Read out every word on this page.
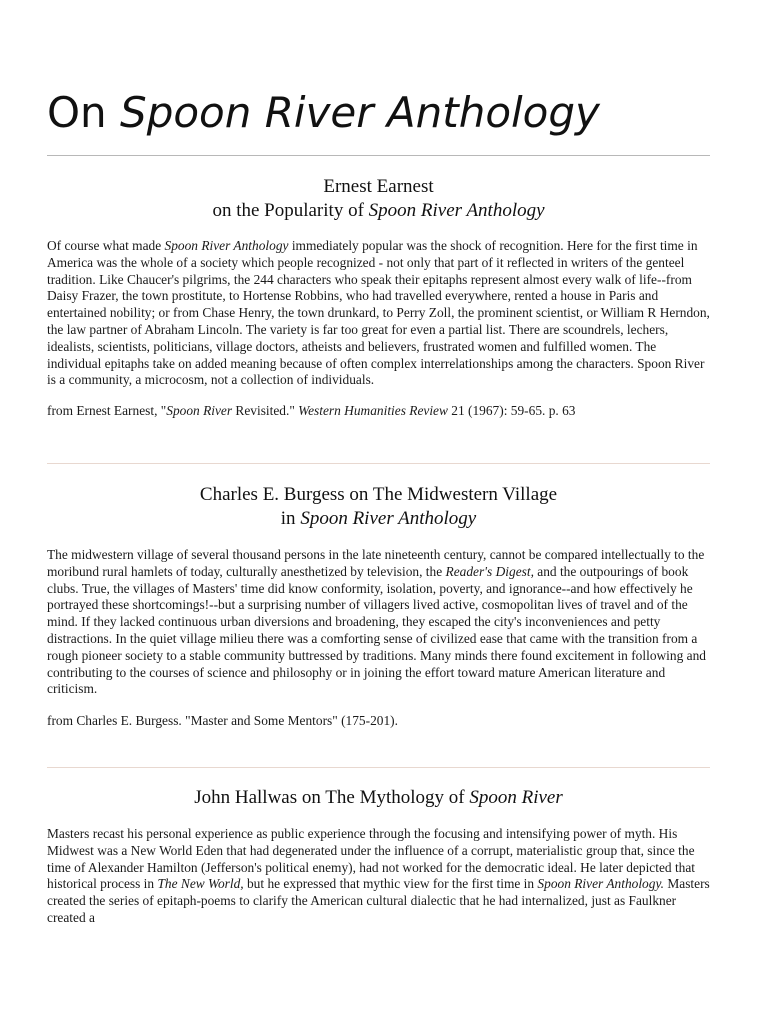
On Spoon River Anthology
Ernest Earnest
on the Popularity of Spoon River Anthology

Of course what made Spoon River Anthology immediately popular was the shock of recognition. Here for the first time in America was the whole of a society which people recognized - not only that part of it reflected in writers of the genteel tradition. Like Chaucer's pilgrims, the 244 characters who speak their epitaphs represent almost every walk of life--from Daisy Frazer, the town prostitute, to Hortense Robbins, who had travelled everywhere, rented a house in Paris and entertained nobility; or from Chase Henry, the town drunkard, to Perry Zoll, the prominent scientist, or William R Herndon, the law partner of Abraham Lincoln. The variety is far too great for even a partial list. There are scoundrels, lechers, idealists, scientists, politicians, village doctors, atheists and believers, frustrated women and fulfilled women. The individual epitaphs take on added meaning because of often complex interrelationships among the characters. Spoon River is a community, a microcosm, not a collection of individuals.

from Ernest Earnest, "Spoon River Revisited." Western Humanities Review 21 (1967): 59-65. p. 63

Charles E. Burgess on The Midwestern Village
in Spoon River Anthology

The midwestern village of several thousand persons in the late nineteenth century, cannot be compared intellectually to the moribund rural hamlets of today, culturally anesthetized by television, the Reader's Digest, and the outpourings of book clubs. True, the villages of Masters' time did know conformity, isolation, poverty, and ignorance--and how effectively he portrayed these shortcomings!--but a surprising number of villagers lived active, cosmopolitan lives of travel and of the mind. If they lacked continuous urban diversions and broadening, they escaped the city's inconveniences and petty distractions. In the quiet village milieu there was a comforting sense of civilized ease that came with the transition from a rough pioneer society to a stable community buttressed by traditions. Many minds there found excitement in following and contributing to the courses of science and philosophy or in joining the effort toward mature American literature and criticism.

from Charles E. Burgess. "Master and Some Mentors" (175-201).

John Hallwas on The Mythology of Spoon River

Masters recast his personal experience as public experience through the focusing and intensifying power of myth. His Midwest was a New World Eden that had degenerated under the influence of a corrupt, materialistic group that, since the time of Alexander Hamilton (Jefferson's political enemy), had not worked for the democratic ideal. He later depicted that historical process in The New World, but he expressed that mythic view for the first time in Spoon River Anthology. Masters created the series of epitaph-poems to clarify the American cultural dialectic that he had internalized, just as Faulkner created a
